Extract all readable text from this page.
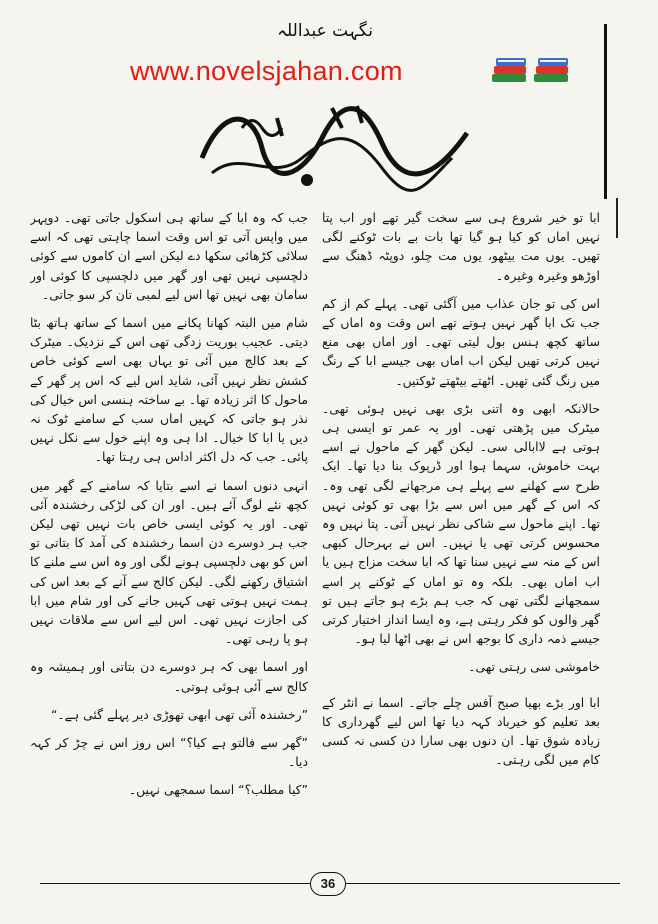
نگہت عبداللہ
www.novelsjahan.com

ابا تو خیر شروع ہی سے سخت گیر تھے اور اب پتا نہیں اماں کو کیا ہو گیا تھا بات بے بات ٹوکنے لگی تھیں۔ یوں مت بیٹھو، یوں مت چلو، دوپٹہ ڈھنگ سے اوڑھو وغیرہ وغیرہ۔

اس کی تو جان عذاب میں آگئی تھی۔ پہلے کم از کم جب تک ابا گھر نہیں ہوتے تھے اس وقت وہ اماں کے ساتھ کچھ ہنس بول لیتی تھی۔ اور اماں بھی منع نہیں کرتی تھیں لیکن اب اماں بھی جیسے ابا کے رنگ میں رنگ گئی تھیں۔ اٹھتے بیٹھتے ٹوکتیں۔

حالانکہ ابھی وہ اتنی بڑی بھی نہیں ہوئی تھی۔ میٹرک میں پڑھتی تھی۔ اور یہ عمر تو ایسی ہی ہوتی ہے لاابالی سی۔ لیکن گھر کے ماحول نے اسے بہت خاموش، سہما ہوا اور ڈرپوک بنا دیا تھا۔ ایک طرح سے کھلنے سے پہلے ہی مرجھانے لگی تھی وہ۔ کہ اس کے گھر میں اس سے بڑا بھی تو کوئی نہیں تھا۔ اپنے ماحول سے شاکی نظر نہیں آتی۔ پتا نہیں وہ محسوس کرتی تھی یا نہیں۔ اس نے بہرحال کبھی اس کے منہ سے نہیں سنا تھا کہ ابا سخت مزاج ہیں یا اب اماں بھی۔ بلکہ وہ تو اماں کے ٹوکنے پر اسے سمجھانے لگتی تھی کہ جب ہم بڑے ہو جاتے ہیں تو گھر والوں کو فکر رہتی ہے، وہ ایسا انداز اختیار کرتی جیسے ذمہ داری کا بوجھ اس نے بھی اٹھا لیا ہو۔

خاموشی سی رہتی تھی۔

ابا اور بڑے بھیا صبح آفس چلے جاتے۔ اسما نے انٹر کے بعد تعلیم کو خیرباد کہہ دیا تھا اس لیے گھرداری کا زیادہ شوق تھا۔ ان دنوں بھی سارا دن کسی نہ کسی کام میں لگی رہتی۔

جب کہ وہ ابا کے ساتھ ہی اسکول جاتی تھی۔ دوپہر میں واپس آتی تو اس وقت اسما چاہتی تھی کہ اسے سلائی کڑھائی سکھا دے لیکن اسے ان کاموں سے کوئی دلچسپی نہیں تھی اور گھر میں دلچسپی کا کوئی اور سامان بھی نہیں تھا اس لیے لمبی تان کر سو جاتی۔

شام میں البتہ کھانا پکانے میں اسما کے ساتھ ہاتھ بٹا دیتی۔ عجیب بوریت زدگی تھی اس کے نزدیک۔ میٹرک کے بعد کالج میں آئی تو یہاں بھی اسے کوئی خاص کشش نظر نہیں آئی، شاید اس لیے کہ اس پر گھر کے ماحول کا اثر زیادہ تھا۔ بے ساختہ ہنسی اس خیال کی نذر ہو جاتی کہ کہیں اماں سب کے سامنے ٹوک نہ دیں یا ابا کا خیال۔ ادا ہی وہ اپنے خول سے نکل نہیں پائی۔ جب کہ دل اکثر اداس ہی رہتا تھا۔

انہی دنوں اسما نے اسے بتایا کہ سامنے کے گھر میں کچھ نئے لوگ آئے ہیں۔ اور ان کی لڑکی رخشندہ آئی تھی۔ اور یہ کوئی ایسی خاص بات نہیں تھی لیکن جب ہر دوسرے دن اسما رخشندہ کی آمد کا بتاتی تو اس کو بھی دلچسپی ہونے لگی اور وہ اس سے ملنے کا اشتیاق رکھنے لگی۔ لیکن کالج سے آنے کے بعد اس کی ہمت نہیں ہوتی تھی کہیں جانے کی اور شام میں ابا کی اجازت نہیں تھی۔ اس لیے اس سے ملاقات نہیں ہو پا رہی تھی۔

اور اسما بھی کہ ہر دوسرے دن بتاتی اور ہمیشہ وہ کالج سے آئی ہوئی ہوتی۔

”رخشندہ آئی تھی ابھی تھوڑی دیر پہلے گئی ہے۔“

”گھر سے فالتو ہے کیا؟“ اس روز اس نے چڑ کر کہہ دیا۔

”کیا مطلب؟“ اسما سمجھی نہیں۔

36
